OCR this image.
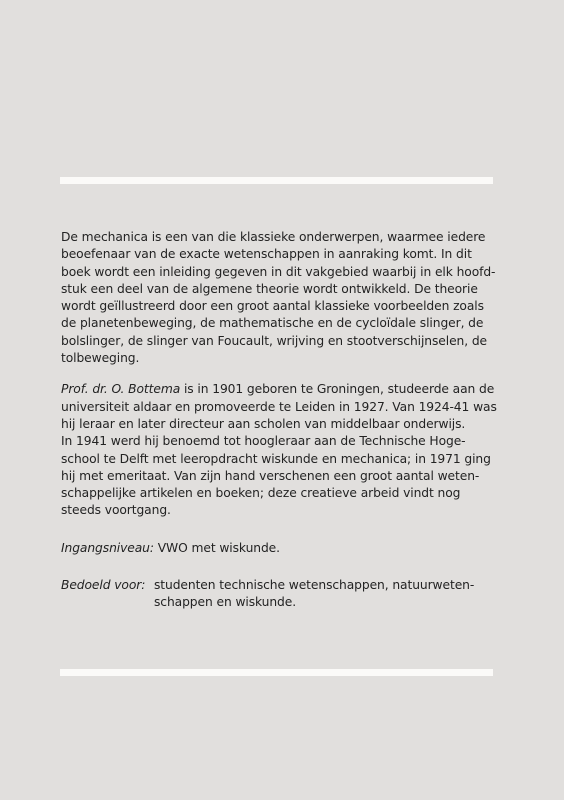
De mechanica is een van die klassieke onderwerpen, waarmee iedere
beoefenaar van de exacte wetenschappen in aanraking komt. In dit
boek wordt een inleiding gegeven in dit vakgebied waarbij in elk hoofd-
stuk een deel van de algemene theorie wordt ontwikkeld. De theorie
wordt geïllustreerd door een groot aantal klassieke voorbeelden zoals
de planetenbeweging, de mathematische en de cycloïdale slinger, de
bolslinger, de slinger van Foucault, wrijving en stootverschijnselen, de
tolbeweging.

Prof. dr. O. Bottema is in 1901 geboren te Groningen, studeerde aan de
universiteit aldaar en promoveerde te Leiden in 1927. Van 1924-41 was
hij leraar en later directeur aan scholen van middelbaar onderwijs.
In 1941 werd hij benoemd tot hoogleraar aan de Technische Hoge-
school te Delft met leeropdracht wiskunde en mechanica; in 1971 ging
hij met emeritaat. Van zijn hand verschenen een groot aantal weten-
schappelijke artikelen en boeken; deze creatieve arbeid vindt nog
steeds voortgang.

Ingangsniveau: VWO met wiskunde.

Bedoeld voor: studenten technische wetenschappen, natuurweten-
schappen en wiskunde.
